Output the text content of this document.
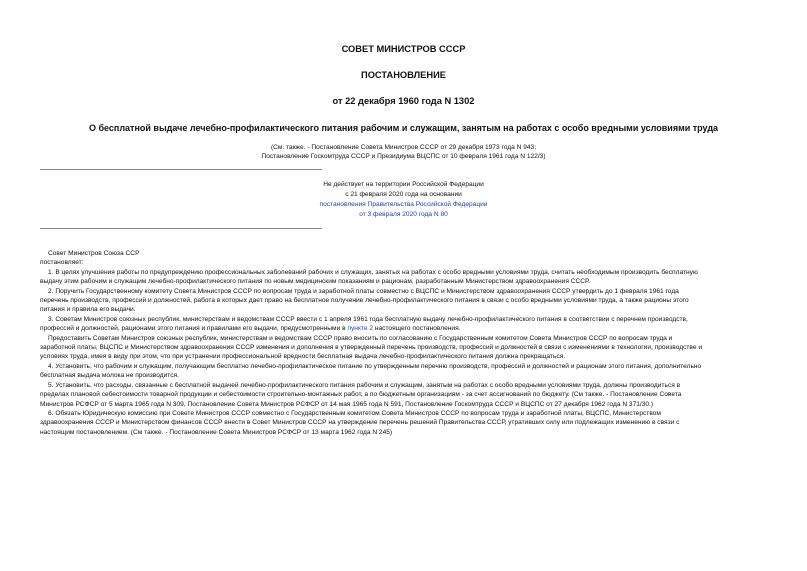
СОВЕТ МИНИСТРОВ СССР
ПОСТАНОВЛЕНИЕ
от 22 декабря 1960 года N 1302
О бесплатной выдаче лечебно-профилактического питания рабочим и служащим, занятым на работах с особо вредными условиями труда
(См. также. - Постановление Совета Министров СССР от 29 декабря 1973 года N 943;
Постановление Госкомтруда СССР и Президиума ВЦСПС от 10 февраля 1961 года N 122/3)
Не действует на территории Российской Федерации
с 21 февраля 2020 года на основании
постановления Правительства Российской Федерации
от 3 февраля 2020 года N 80

Совет Министров Союза ССР

постановляет:

1. В целях улучшения работы по предупреждению профессиональных заболеваний рабочих и служащих, занятых на работах с особо вредными условиями труда, считать необходимым производить бесплатную

выдачу этим рабочим и служащим лечебно-профилактического питания по новым медицинским показаниям и рационам, разработанным Министерством здравоохранения СССР.

2. Поручить Государственному комитету Совета Министров СССР по вопросам труда и заработной платы совместно с ВЦСПС и Министерством здравоохранения СССР утвердить до 1 февраля 1961 года

перечень производств, профессий и должностей, работа в которых дает право на бесплатное получение лечебно-профилактического питания в связи с особо вредными условиями труда, а также рационы этого

питания и правила его выдачи.

3. Советам Министров союзных республик, министерствам и ведомствам СССР ввести с 1 апреля 1961 года бесплатную выдачу лечебно-профилактического питания в соответствии с перечнем производств,

профессий и должностей, рационами этого питания и правилами его выдачи, предусмотренными в пункте 2 настоящего постановления.

Предоставить Советам Министров союзных республик, министерствам и ведомствам СССР право вносить по согласованию с Государственным комитетом Совета Министров СССР по вопросам труда и

заработной платы, ВЦСПС и Министерством здравоохранения СССР изменения и дополнения в утвержденный перечень производств, профессий и должностей в связи с изменениями в технологии, производстве и

условиях труда, имея в виду при этом, что при устранении профессиональной вредности бесплатная выдача лечебно-профилактического питания должна прекращаться.

4. Установить, что рабочим и служащим, получающим бесплатно лечебно-профилактическое питание по утвержденным перечню производств, профессий и должностей и рационам этого питания, дополнительно

бесплатная выдача молока не производится.

5. Установить, что расходы, связанные с бесплатной выдачей лечебно-профилактического питания рабочим и служащим, занятым на работах с особо вредными условиями труда, должны производиться в

пределах плановой себестоимости товарной продукции и себестоимости строительно-монтажных работ, а по бюджетным организациям - за счет ассигнований по бюджету. (См также. - Постановление Совета

Министров РСФСР от 5 марта 1965 года N 309, Постановление Совета Министров РСФСР от 14 мая 1965 года N 591, Постановление Госкомтруда СССР и ВЦСПС от 27 декабря 1962 года N 371/30.)

6. Обязать Юридическую комиссию при Совете Министров СССР совместно с Государственным комитетом Совета Министров СССР по вопросам труда и заработной платы, ВЦСПС, Министерством

здравоохранения СССР и Министерством финансов СССР внести в Совет Министров СССР на утверждение перечень решений Правительства СССР, утративших силу или подлежащих изменению в связи с

настоящим постановлением. (См также. - Постановление Совета Министров РСФСР от 13 марта 1962 года N 245)
